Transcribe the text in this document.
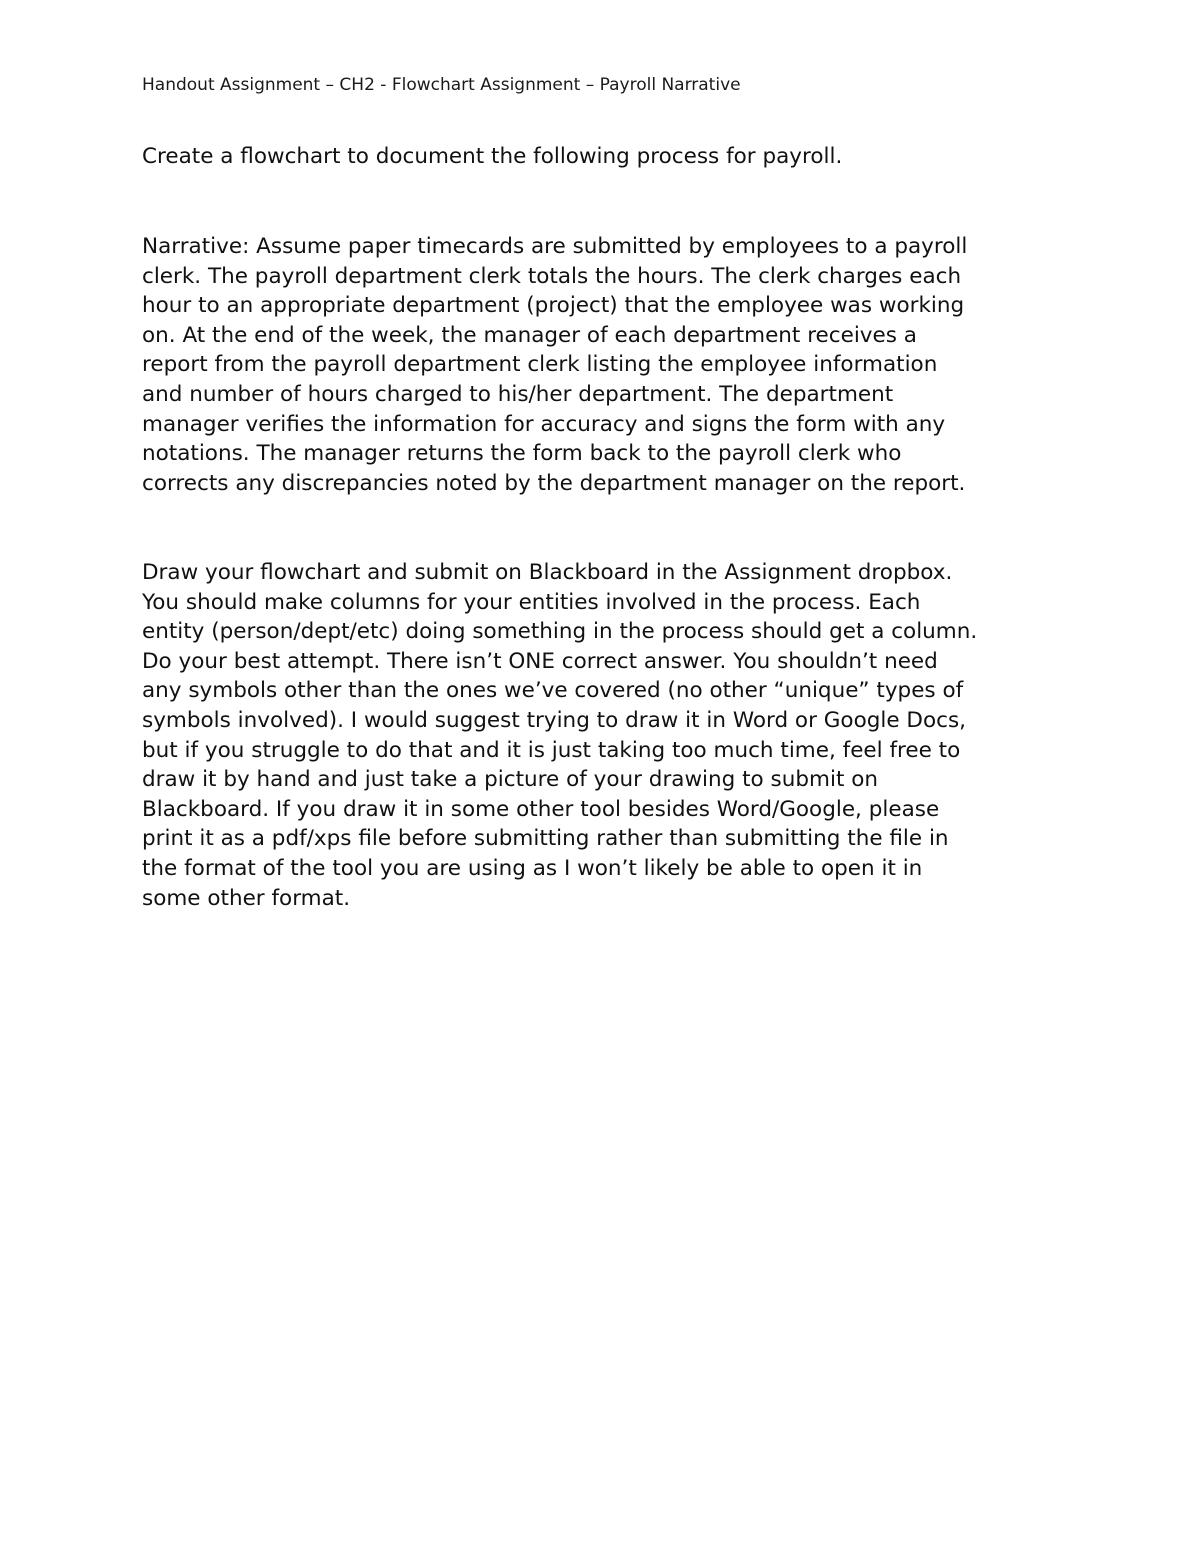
Handout Assignment – CH2 - Flowchart Assignment – Payroll Narrative
Create a flowchart to document the following process for payroll.
Narrative: Assume paper timecards are submitted by employees to a payroll
clerk. The payroll department clerk totals the hours. The clerk charges each
hour to an appropriate department (project) that the employee was working
on. At the end of the week, the manager of each department receives a
report from the payroll department clerk listing the employee information
and number of hours charged to his/her department. The department
manager verifies the information for accuracy and signs the form with any
notations. The manager returns the form back to the payroll clerk who
corrects any discrepancies noted by the department manager on the report.
Draw your flowchart and submit on Blackboard in the Assignment dropbox.
You should make columns for your entities involved in the process. Each
entity (person/dept/etc) doing something in the process should get a column.
Do your best attempt. There isn’t ONE correct answer. You shouldn’t need
any symbols other than the ones we’ve covered (no other “unique” types of
symbols involved). I would suggest trying to draw it in Word or Google Docs,
but if you struggle to do that and it is just taking too much time, feel free to
draw it by hand and just take a picture of your drawing to submit on
Blackboard. If you draw it in some other tool besides Word/Google, please
print it as a pdf/xps file before submitting rather than submitting the file in
the format of the tool you are using as I won’t likely be able to open it in
some other format.
